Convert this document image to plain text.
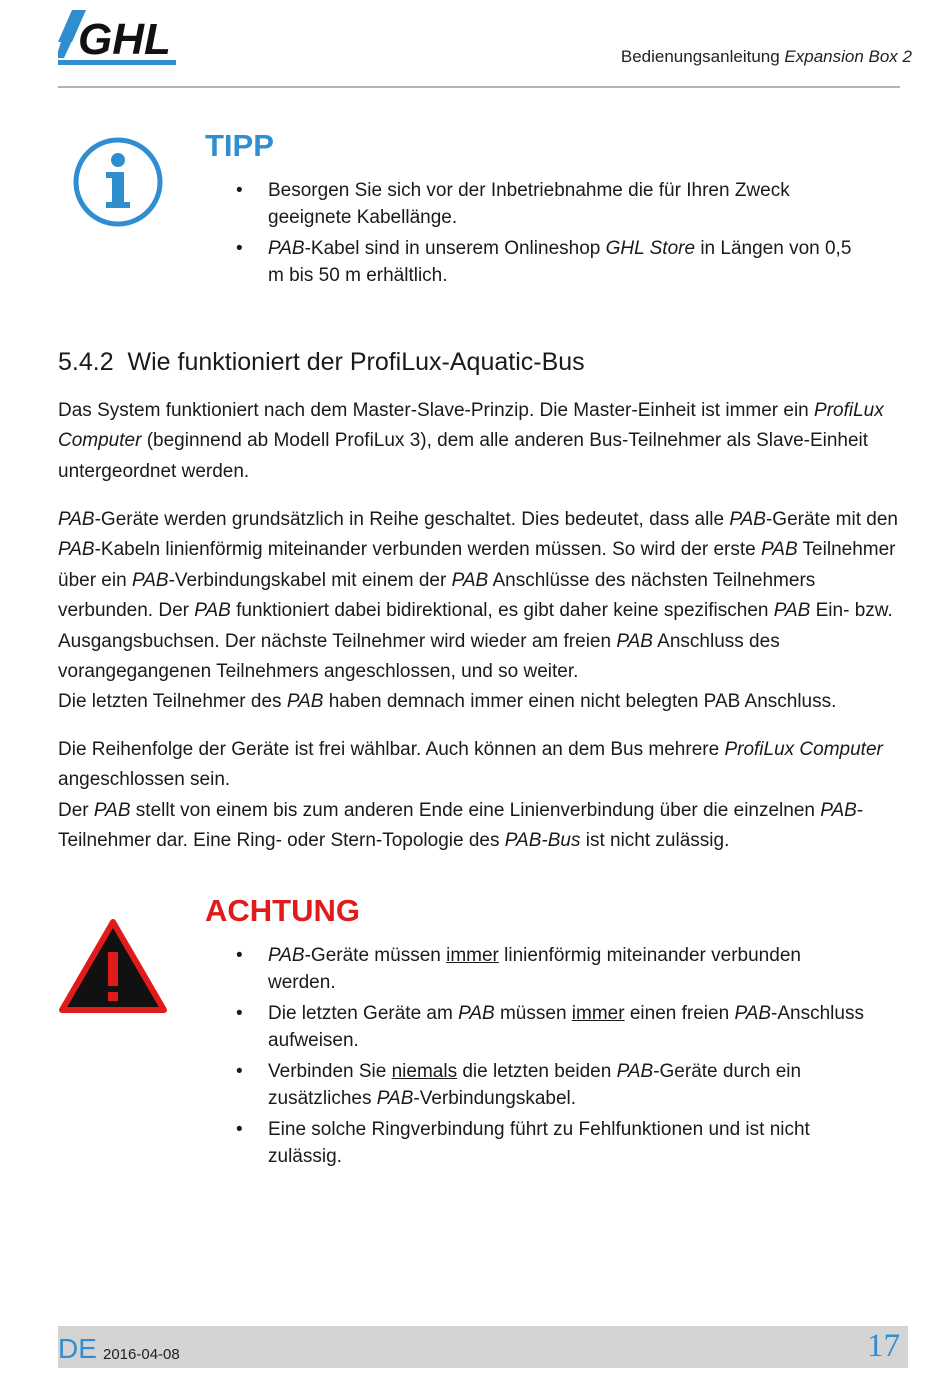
GHL	Bedienungsanleitung Expansion Box 2
TIPP
• Besorgen Sie sich vor der Inbetriebnahme die für Ihren Zweck geeignete Kabellänge.
• PAB-Kabel sind in unserem Onlineshop GHL Store in Längen von 0,5 m bis 50 m erhältlich.
5.4.2 Wie funktioniert der ProfiLux-Aquatic-Bus
Das System funktioniert nach dem Master-Slave-Prinzip. Die Master-Einheit ist immer ein ProfiLux Computer (beginnend ab Modell ProfiLux 3), dem alle anderen Bus-Teilnehmer als Slave-Einheit untergeordnet werden.
PAB-Geräte werden grundsätzlich in Reihe geschaltet. Dies bedeutet, dass alle PAB-Geräte mit den PAB-Kabeln linienförmig miteinander verbunden werden müssen. So wird der erste PAB Teilnehmer über ein PAB-Verbindungskabel mit einem der PAB Anschlüsse des nächsten Teilnehmers verbunden. Der PAB funktioniert dabei bidirektional, es gibt daher keine spezifischen PAB Ein- bzw. Ausgangsbuchsen. Der nächste Teilnehmer wird wieder am freien PAB Anschluss des vorangegangenen Teilnehmers angeschlossen, und so weiter.
Die letzten Teilnehmer des PAB haben demnach immer einen nicht belegten PAB Anschluss.
Die Reihenfolge der Geräte ist frei wählbar. Auch können an dem Bus mehrere ProfiLux Computer angeschlossen sein.
Der PAB stellt von einem bis zum anderen Ende eine Linienverbindung über die einzelnen PAB-Teilnehmer dar. Eine Ring- oder Stern-Topologie des PAB-Bus ist nicht zulässig.
ACHTUNG
• PAB-Geräte müssen immer linienförmig miteinander verbunden werden.
• Die letzten Geräte am PAB müssen immer einen freien PAB-Anschluss aufweisen.
• Verbinden Sie niemals die letzten beiden PAB-Geräte durch ein zusätzliches PAB-Verbindungskabel.
• Eine solche Ringverbindung führt zu Fehlfunktionen und ist nicht zulässig.
DE 2016-04-08	17
